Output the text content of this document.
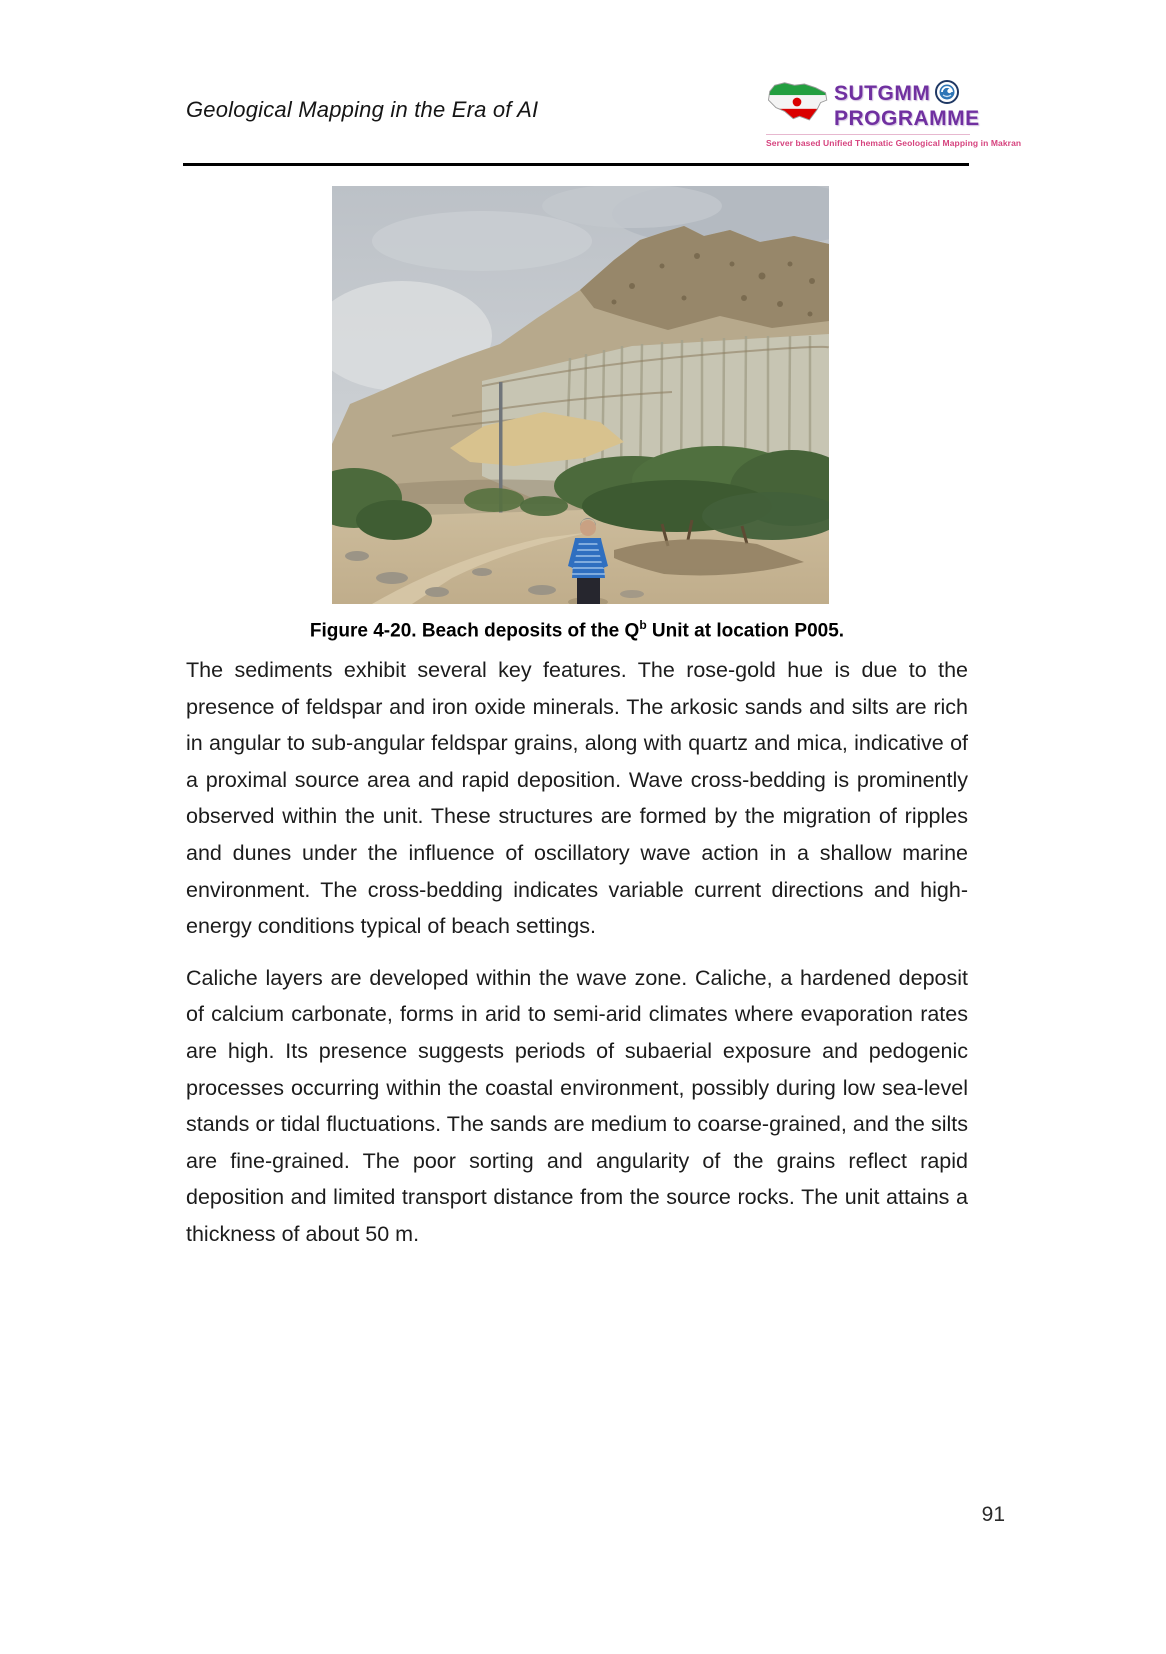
Geological Mapping in the Era of AI
SUTGMM
PROGRAMME
Server based Unified Thematic Geological Mapping in Makran
Figure 4-20. Beach deposits of the $Q^b$ Unit at location P005.

The sediments exhibit several key features. The rose-gold hue is due to the presence of feldspar and iron oxide minerals. The arkosic sands and silts are rich in angular to sub-angular feldspar grains, along with quartz and mica, indicative of a proximal source area and rapid deposition. Wave cross-bedding is prominently observed within the unit. These structures are formed by the migration of ripples and dunes under the influence of oscillatory wave action in a shallow marine environment. The cross-bedding indicates variable current directions and high-energy conditions typical of beach settings.

Caliche layers are developed within the wave zone. Caliche, a hardened deposit of calcium carbonate, forms in arid to semi-arid climates where evaporation rates are high. Its presence suggests periods of subaerial exposure and pedogenic processes occurring within the coastal environment, possibly during low sea-level stands or tidal fluctuations. The sands are medium to coarse-grained, and the silts are fine-grained. The poor sorting and angularity of the grains reflect rapid deposition and limited transport distance from the source rocks. The unit attains a thickness of about 50 m.

91
